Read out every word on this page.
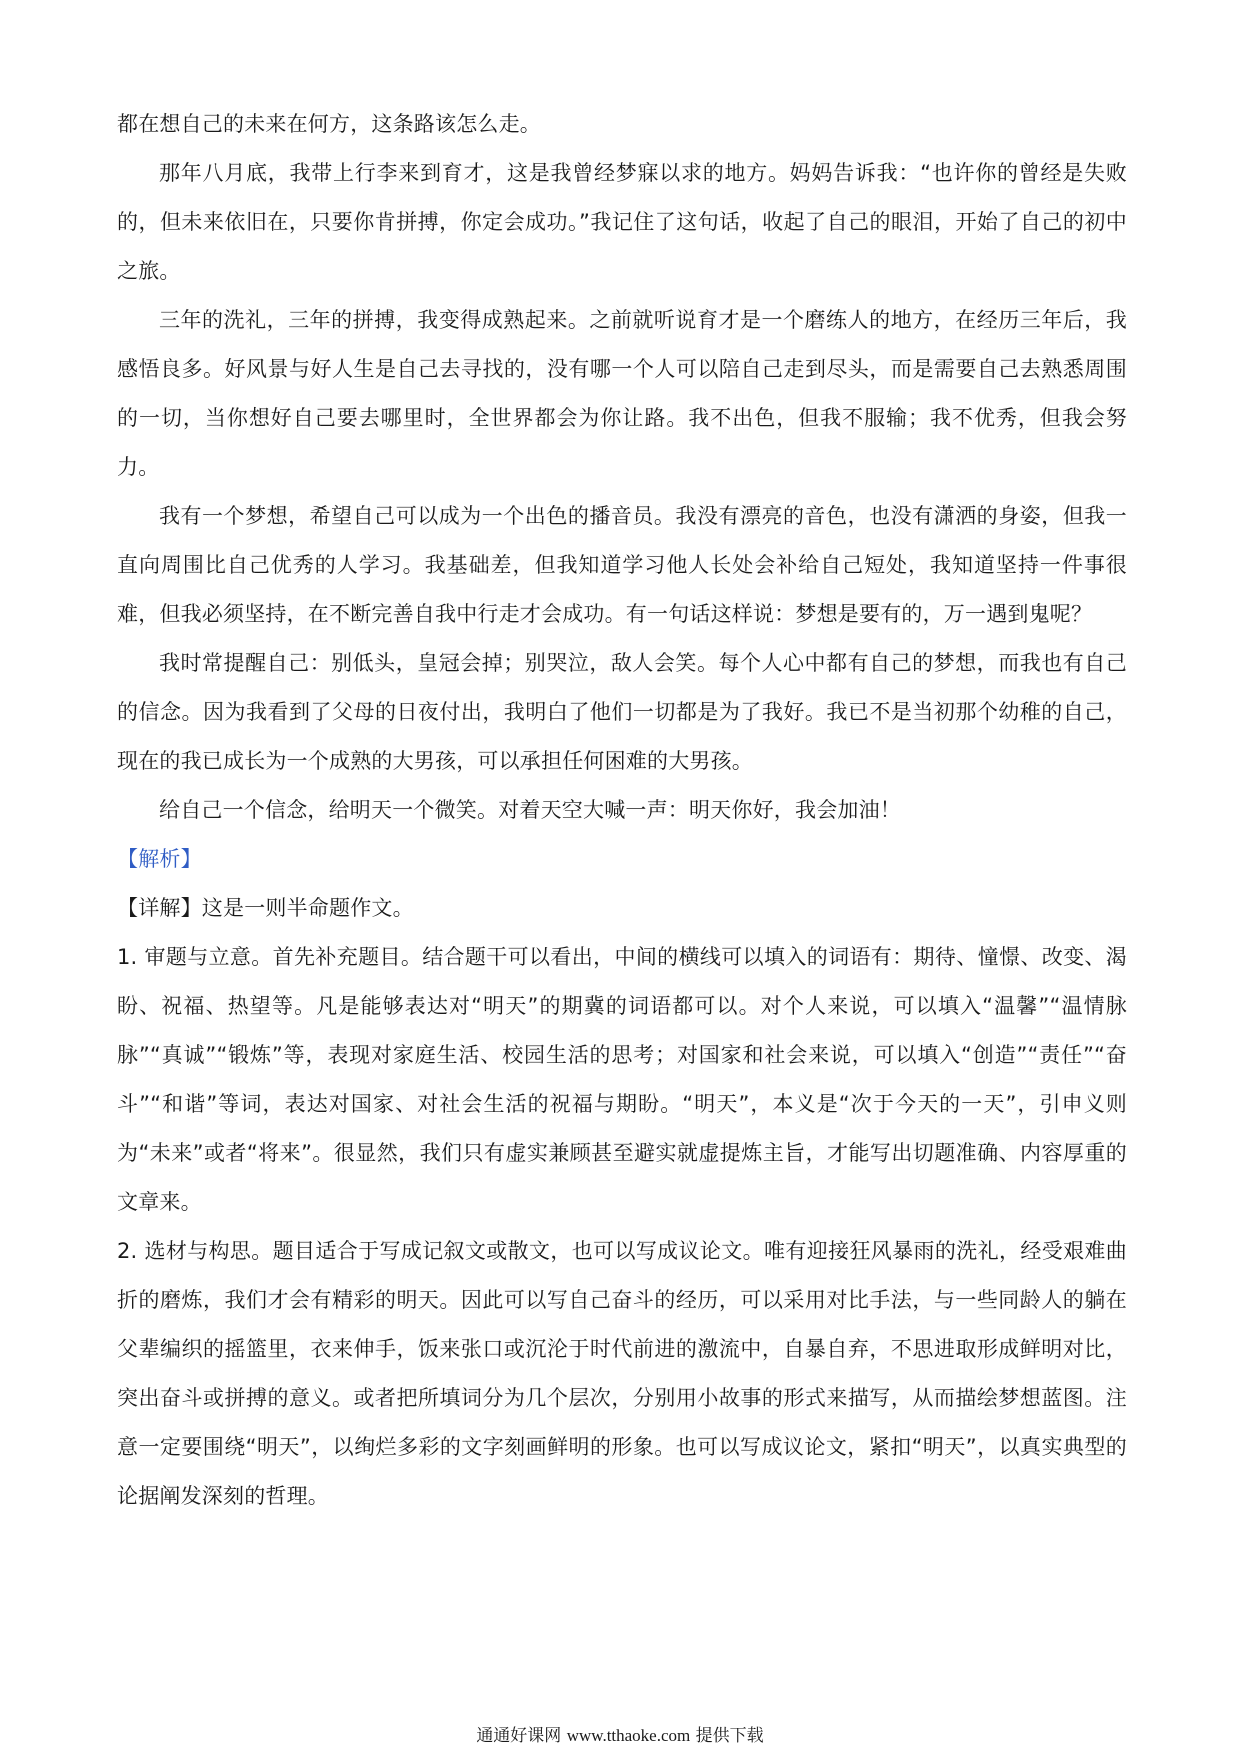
都在想自己的未来在何方，这条路该怎么走。

那年八月底，我带上行李来到育才，这是我曾经梦寐以求的地方。妈妈告诉我：“也许你的曾经是失败的，但未来依旧在，只要你肯拼搏，你定会成功。”我记住了这句话，收起了自己的眼泪，开始了自己的初中之旅。

三年的洗礼，三年的拼搏，我变得成熟起来。之前就听说育才是一个磨练人的地方，在经历三年后，我感悟良多。好风景与好人生是自己去寻找的，没有哪一个人可以陪自己走到尽头，而是需要自己去熟悉周围的一切，当你想好自己要去哪里时，全世界都会为你让路。我不出色，但我不服输；我不优秀，但我会努力。

我有一个梦想，希望自己可以成为一个出色的播音员。我没有漂亮的音色，也没有潇洒的身姿，但我一直向周围比自己优秀的人学习。我基础差，但我知道学习他人长处会补给自己短处，我知道坚持一件事很难，但我必须坚持，在不断完善自我中行走才会成功。有一句话这样说：梦想是要有的，万一遇到鬼呢？

我时常提醒自己：别低头，皇冠会掉；别哭泣，敌人会笑。每个人心中都有自己的梦想，而我也有自己的信念。因为我看到了父母的日夜付出，我明白了他们一切都是为了我好。我已不是当初那个幼稚的自己，现在的我已成长为一个成熟的大男孩，可以承担任何困难的大男孩。

给自己一个信念，给明天一个微笑。对着天空大喊一声：明天你好，我会加油！

【解析】

【详解】这是一则半命题作文。

1. 审题与立意。首先补充题目。结合题干可以看出，中间的横线可以填入的词语有：期待、憧憬、改变、渴盼、祝福、热望等。凡是能够表达对“明天”的期冀的词语都可以。对个人来说，可以填入“温馨”“温情脉脉”“真诚”“锻炼”等，表现对家庭生活、校园生活的思考；对国家和社会来说，可以填入“创造”“责任”“奋斗”“和谐”等词，表达对国家、对社会生活的祝福与期盼。“明天”，本义是“次于今天的一天”，引申义则为“未来”或者“将来”。很显然，我们只有虚实兼顾甚至避实就虚提炼主旨，才能写出切题准确、内容厚重的文章来。

2. 选材与构思。题目适合于写成记叙文或散文，也可以写成议论文。唯有迎接狂风暴雨的洗礼，经受艰难曲折的磨炼，我们才会有精彩的明天。因此可以写自己奋斗的经历，可以采用对比手法，与一些同龄人的躺在父辈编织的摇篮里，衣来伸手，饭来张口或沉沦于时代前进的激流中，自暴自弃，不思进取形成鲜明对比，突出奋斗或拼搏的意义。或者把所填词分为几个层次，分别用小故事的形式来描写，从而描绘梦想蓝图。注意一定要围绕“明天”，以绚烂多彩的文字刻画鲜明的形象。也可以写成议论文，紧扣“明天”，以真实典型的论据阐发深刻的哲理。

通通好课网 www.tthaoke.com 提供下载
